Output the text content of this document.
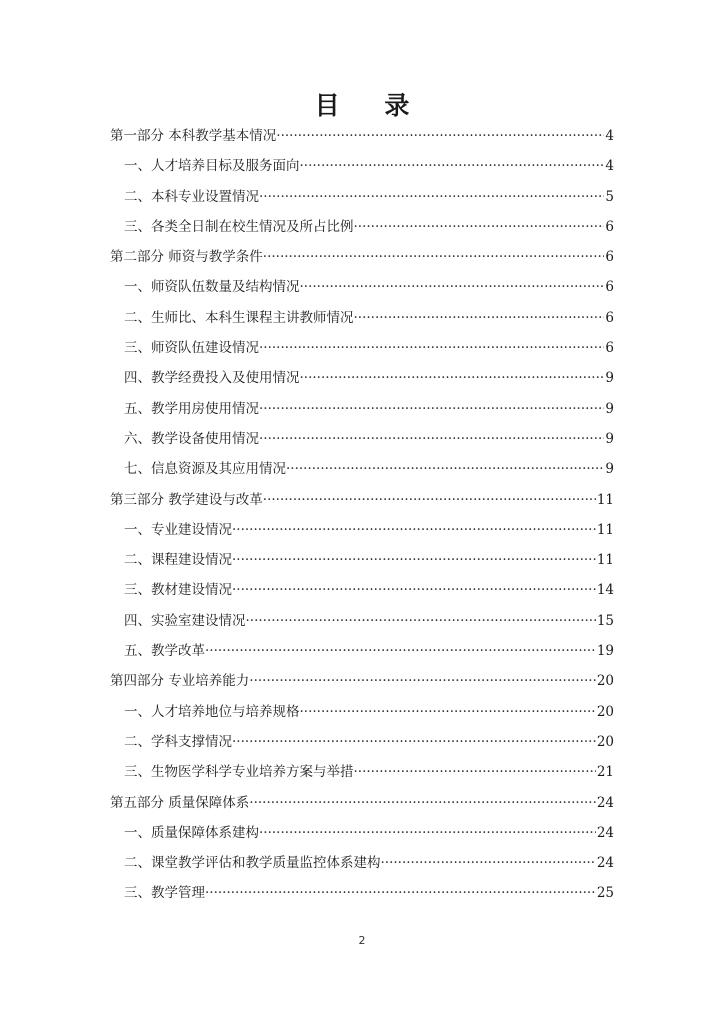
目 录
第一部分 本科教学基本情况 ·····	4
一、人才培养目标及服务面向 ·····	4
二、本科专业设置情况 ·····	5
三、各类全日制在校生情况及所占比例 ·····	6
第二部分 师资与教学条件 ·····	6
一、师资队伍数量及结构情况 ·····	6
二、生师比、本科生课程主讲教师情况 ·····	6
三、师资队伍建设情况 ·····	6
四、教学经费投入及使用情况 ·····	9
五、教学用房使用情况 ·····	9
六、教学设备使用情况 ·····	9
七、信息资源及其应用情况 ·····	9
第三部分 教学建设与改革 ·····	11
一、专业建设情况 ·····	11
二、课程建设情况 ·····	11
三、教材建设情况 ·····	14
四、实验室建设情况 ·····	15
五、教学改革 ·····	19
第四部分 专业培养能力 ·····	20
一、人才培养地位与培养规格 ·····	20
二、学科支撑情况 ·····	20
三、生物医学科学专业培养方案与举措 ·····	21
第五部分 质量保障体系 ·····	24
一、质量保障体系建构 ·····	24
二、课堂教学评估和教学质量监控体系建构 ·····	24
三、教学管理 ·····	25
2
